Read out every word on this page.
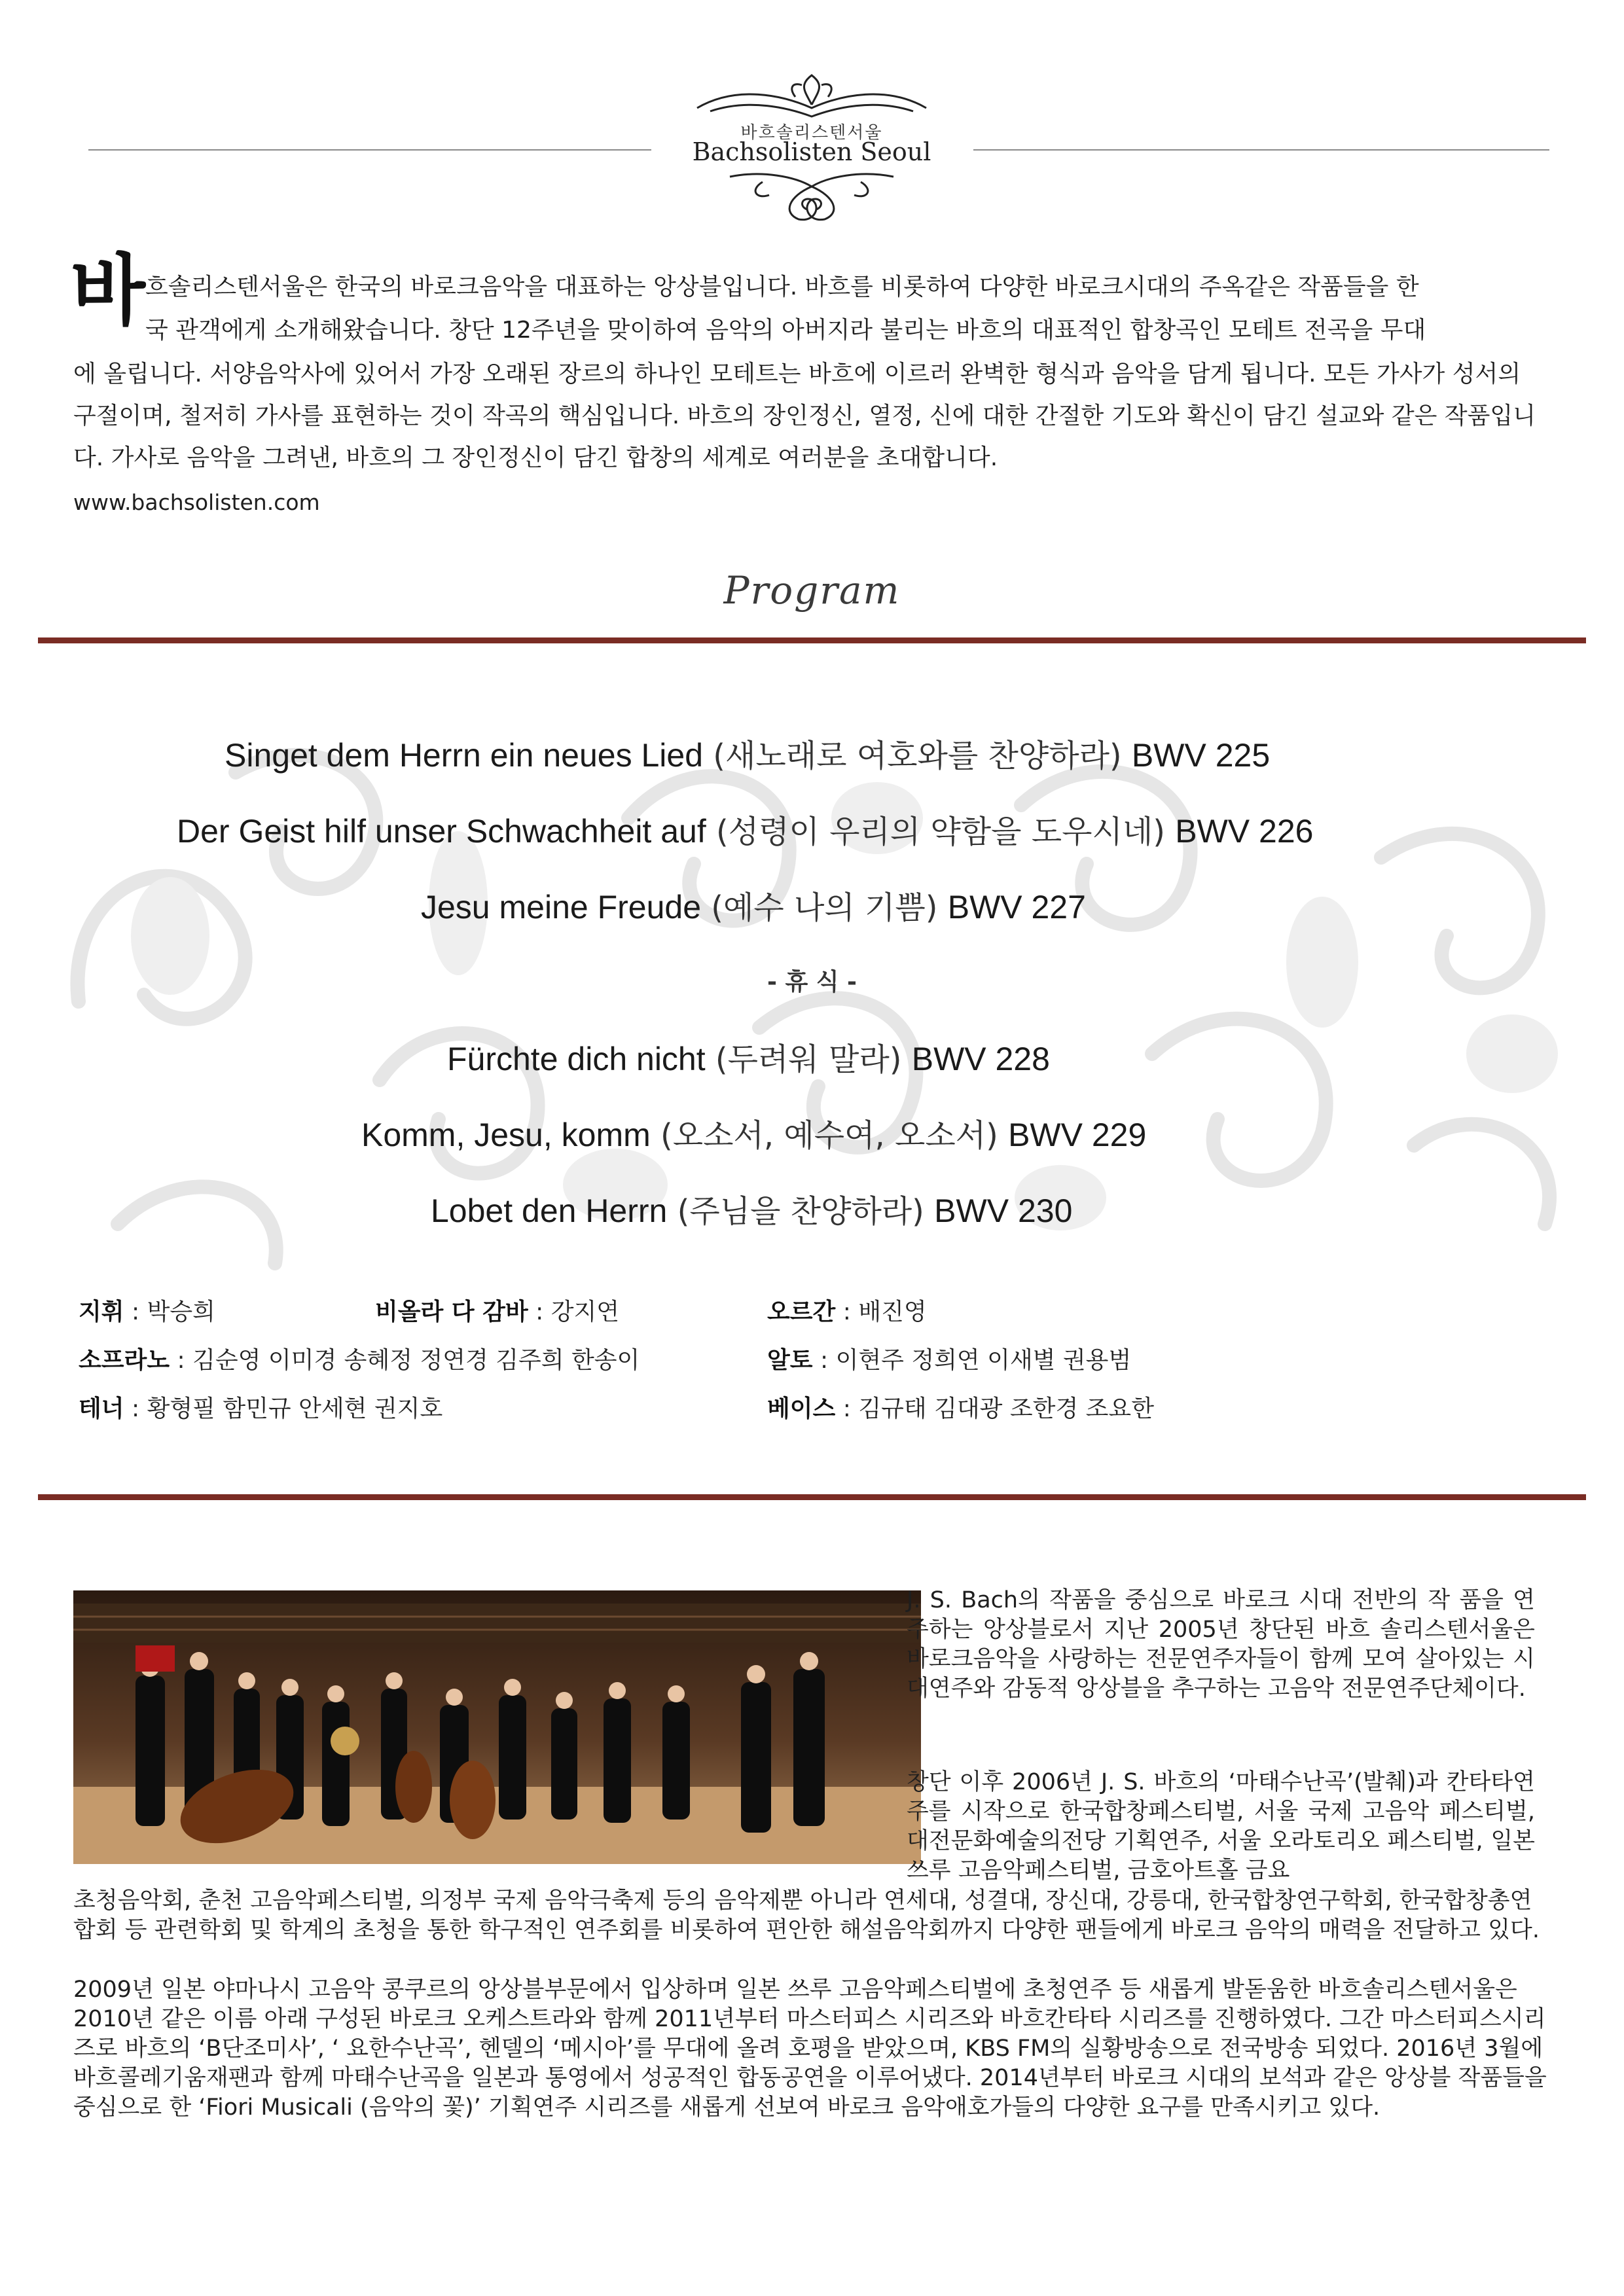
바흐솔리스텐서울
Bachsolisten Seoul
바 흐솔리스텐서울은 한국의 바로크음악을 대표하는 앙상블입니다. 바흐를 비롯하여 다양한 바로크시대의 주옥같은 작품들을 한
국 관객에게 소개해왔습니다. 창단 12주년을 맞이하여 음악의 아버지라 불리는 바흐의 대표적인 합창곡인 모테트 전곡을 무대
에 올립니다. 서양음악사에 있어서 가장 오래된 장르의 하나인 모테트는 바흐에 이르러 완벽한 형식과 음악을 담게 됩니다. 모든 가사가 성서의 구절이며, 철저히 가사를 표현하는 것이 작곡의 핵심입니다. 바흐의 장인정신, 열정, 신에 대한 간절한 기도와 확신이 담긴 설교와 같은 작품입니다. 가사로 음악을 그려낸, 바흐의 그 장인정신이 담긴 합창의 세계로 여러분을 초대합니다.
www.bachsolisten.com
Program
Singet dem Herrn ein neues Lied (새노래로 여호와를 찬양하라) BWV 225
Der Geist hilf unser Schwachheit auf (성령이 우리의 약함을 도우시네) BWV 226
Jesu meine Freude (예수 나의 기쁨) BWV 227
- 휴 식 -
Fürchte dich nicht (두려워 말라) BWV 228
Komm, Jesu, komm (오소서, 예수여, 오소서) BWV 229
Lobet den Herrn (주님을 찬양하라) BWV 230
지휘 : 박승희	비올라 다 감바 : 강지연	오르간 : 배진영
소프라노 : 김순영 이미경 송혜정 정연경 김주희 한송이	알토 : 이현주 정희연 이새별 권용범
테너 : 황형필 함민규 안세현 권지호	베이스 : 김규태 김대광 조한경 조요한
J. S. Bach의 작품을 중심으로 바로크 시대 전반의 작 품을 연주하는 앙상블로서 지난 2005년 창단된 바흐 솔리스텐서울은 바로크음악을 사랑하는 전문연주자들이 함께 모여 살아있는 시대연주와 감동적 앙상블을 추구하는 고음악 전문연주단체이다.
창단 이후 2006년 J. S. 바흐의 ‘마태수난곡’(발췌)과 칸타타연주를 시작으로 한국합창페스티벌, 서울 국제 고음악 페스티벌, 대전문화예술의전당 기획연주, 서울 오라토리오 페스티벌, 일본 쓰루 고음악페스티벌, 금호아트홀 금요
초청음악회, 춘천 고음악페스티벌, 의정부 국제 음악극축제 등의 음악제뿐 아니라 연세대, 성결대, 장신대, 강릉대, 한국합창연구학회, 한국합창총연합회 등 관련학회 및 학계의 초청을 통한 학구적인 연주회를 비롯하여 편안한 해설음악회까지 다양한 팬들에게 바로크 음악의 매력을 전달하고 있다.
2009년 일본 야마나시 고음악 콩쿠르의 앙상블부문에서 입상하며 일본 쓰루 고음악페스티벌에 초청연주 등 새롭게 발돋움한 바흐솔리스텐서울은 2010년 같은 이름 아래 구성된 바로크 오케스트라와 함께 2011년부터 마스터피스 시리즈와 바흐칸타타 시리즈를 진행하였다. 그간 마스터피스시리즈로 바흐의 ‘B단조미사’, ‘ 요한수난곡’, 헨델의 ‘메시아’를 무대에 올려 호평을 받았으며, KBS FM의 실황방송으로 전국방송 되었다. 2016년 3월에 바흐콜레기움재팬과 함께 마태수난곡을 일본과 통영에서 성공적인 합동공연을 이루어냈다. 2014년부터 바로크 시대의 보석과 같은 앙상블 작품들을 중심으로 한 ‘Fiori Musicali (음악의 꽃)’ 기획연주 시리즈를 새롭게 선보여 바로크 음악애호가들의 다양한 요구를 만족시키고 있다.
